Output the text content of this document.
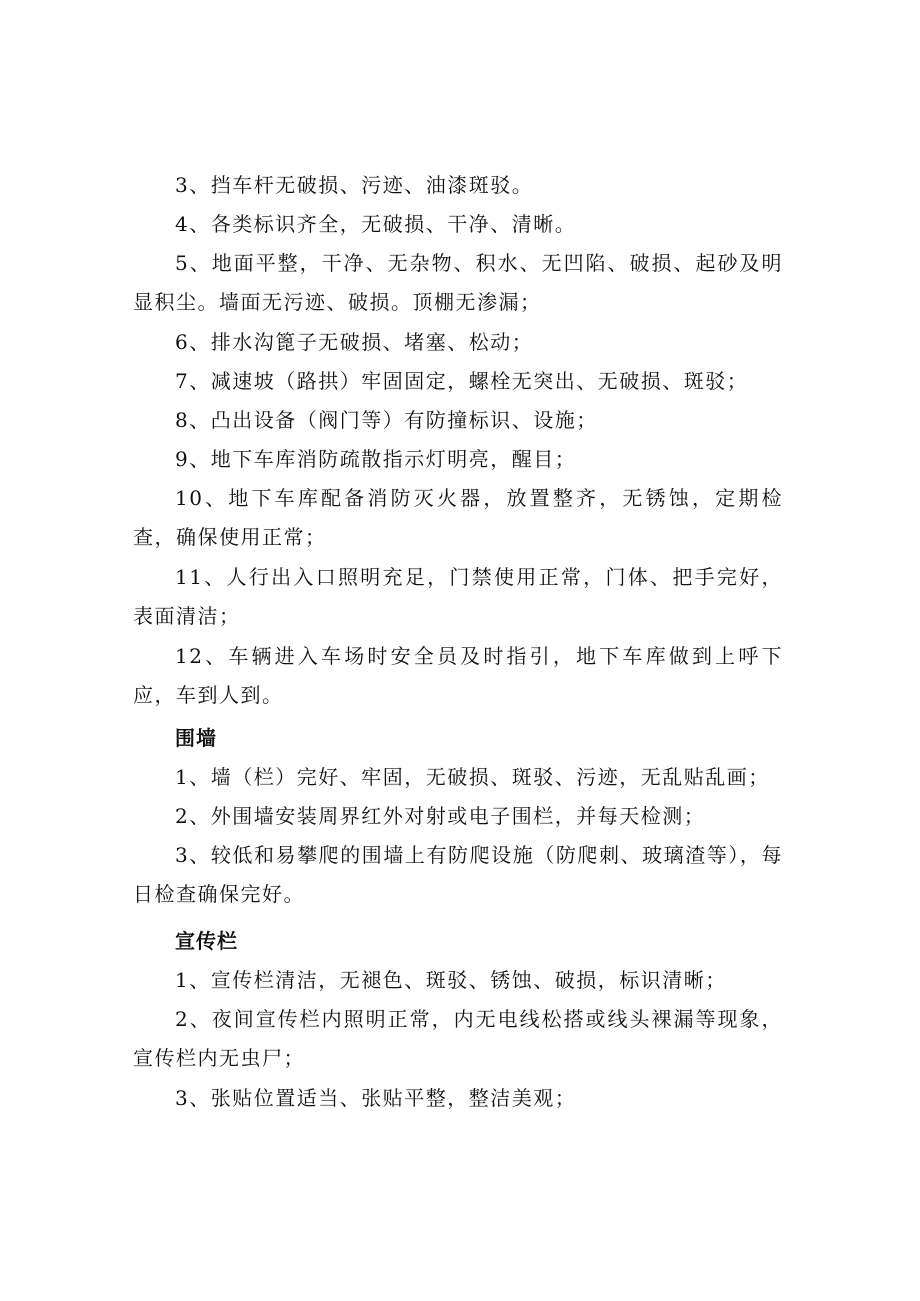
3、挡车杆无破损、污迹、油漆斑驳。

4、各类标识齐全，无破损、干净、清晰。

5、地面平整，干净、无杂物、积水、无凹陷、破损、起砂及明显积尘。墙面无污迹、破损。顶棚无渗漏；

6、排水沟篦子无破损、堵塞、松动；

7、减速坡（路拱）牢固固定，螺栓无突出、无破损、斑驳；

8、凸出设备（阀门等）有防撞标识、设施；

9、地下车库消防疏散指示灯明亮，醒目；

10、地下车库配备消防灭火器，放置整齐，无锈蚀，定期检查，确保使用正常；

11、人行出入口照明充足，门禁使用正常，门体、把手完好，表面清洁；

12、车辆进入车场时安全员及时指引，地下车库做到上呼下应，车到人到。

围墙

1、墙（栏）完好、牢固，无破损、斑驳、污迹，无乱贴乱画；

2、外围墙安装周界红外对射或电子围栏，并每天检测；

3、较低和易攀爬的围墙上有防爬设施（防爬刺、玻璃渣等），每日检查确保完好。

宣传栏

1、宣传栏清洁，无褪色、斑驳、锈蚀、破损，标识清晰；

2、夜间宣传栏内照明正常，内无电线松搭或线头裸漏等现象，宣传栏内无虫尸；

3、张贴位置适当、张贴平整，整洁美观；
